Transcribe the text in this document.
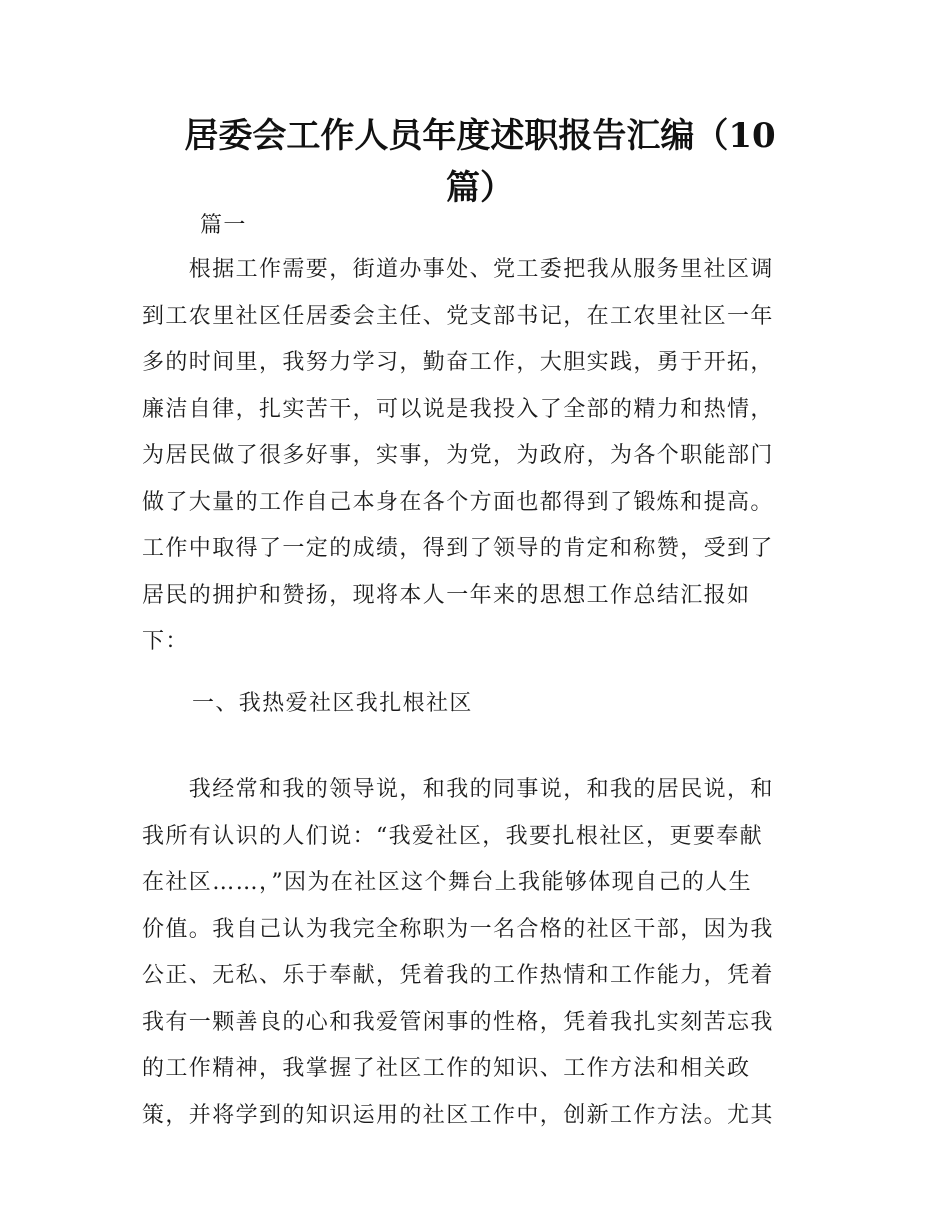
居委会工作人员年度述职报告汇编（10
篇）
篇一
　　根据工作需要，街道办事处、党工委把我从服务里社区调
到工农里社区任居委会主任、党支部书记，在工农里社区一年
多的时间里，我努力学习，勤奋工作，大胆实践，勇于开拓，
廉洁自律，扎实苦干，可以说是我投入了全部的精力和热情，
为居民做了很多好事，实事，为党，为政府，为各个职能部门
做了大量的工作自己本身在各个方面也都得到了锻炼和提高。
工作中取得了一定的成绩，得到了领导的肯定和称赞，受到了
居民的拥护和赞扬，现将本人一年来的思想工作总结汇报如
下：
一、我热爱社区我扎根社区
　　我经常和我的领导说，和我的同事说，和我的居民说，和
我所有认识的人们说：“我爱社区，我要扎根社区，更要奉献
在社区……，”因为在社区这个舞台上我能够体现自己的人生
价值。我自己认为我完全称职为一名合格的社区干部，因为我
公正、无私、乐于奉献，凭着我的工作热情和工作能力，凭着
我有一颗善良的心和我爱管闲事的性格，凭着我扎实刻苦忘我
的工作精神，我掌握了社区工作的知识、工作方法和相关政
策，并将学到的知识运用的社区工作中，创新工作方法。尤其
